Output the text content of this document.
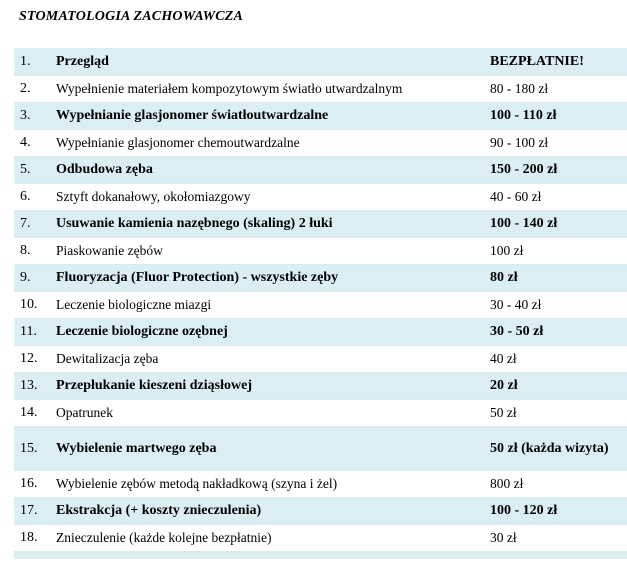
STOMATOLOGIA ZACHOWAWCZA
1.	Przegląd	BEZPŁATNIE!
2.	Wypełnienie materiałem kompozytowym światło utwardzalnym	80 - 180 zł
3.	Wypełnianie glasjonomer światłoutwardzalne	100 - 110 zł
4.	Wypełnianie glasjonomer chemoutwardzalne	90 - 100 zł
5.	Odbudowa zęba	150 - 200 zł
6.	Sztyft dokanałowy, okołomiazgowy	40 - 60 zł
7.	Usuwanie kamienia nazębnego (skaling) 2 łuki	100 - 140 zł
8.	Piaskowanie zębów	100 zł
9.	Fluoryzacja (Fluor Protection) - wszystkie zęby	80 zł
10.	Leczenie biologiczne miazgi	30 - 40 zł
11.	Leczenie biologiczne ozębnej	30 - 50 zł
12.	Dewitalizacja zęba	40 zł
13.	Przepłukanie kieszeni dziąsłowej	20 zł
14.	Opatrunek	50 zł
15.	Wybielenie martwego zęba	50 zł (każda wizyta)
16.	Wybielenie zębów metodą nakładkową (szyna i żel)	800 zł
17.	Ekstrakcja (+ koszty znieczulenia)	100 - 120 zł
18.	Znieczulenie (każde kolejne bezpłatnie)	30 zł
